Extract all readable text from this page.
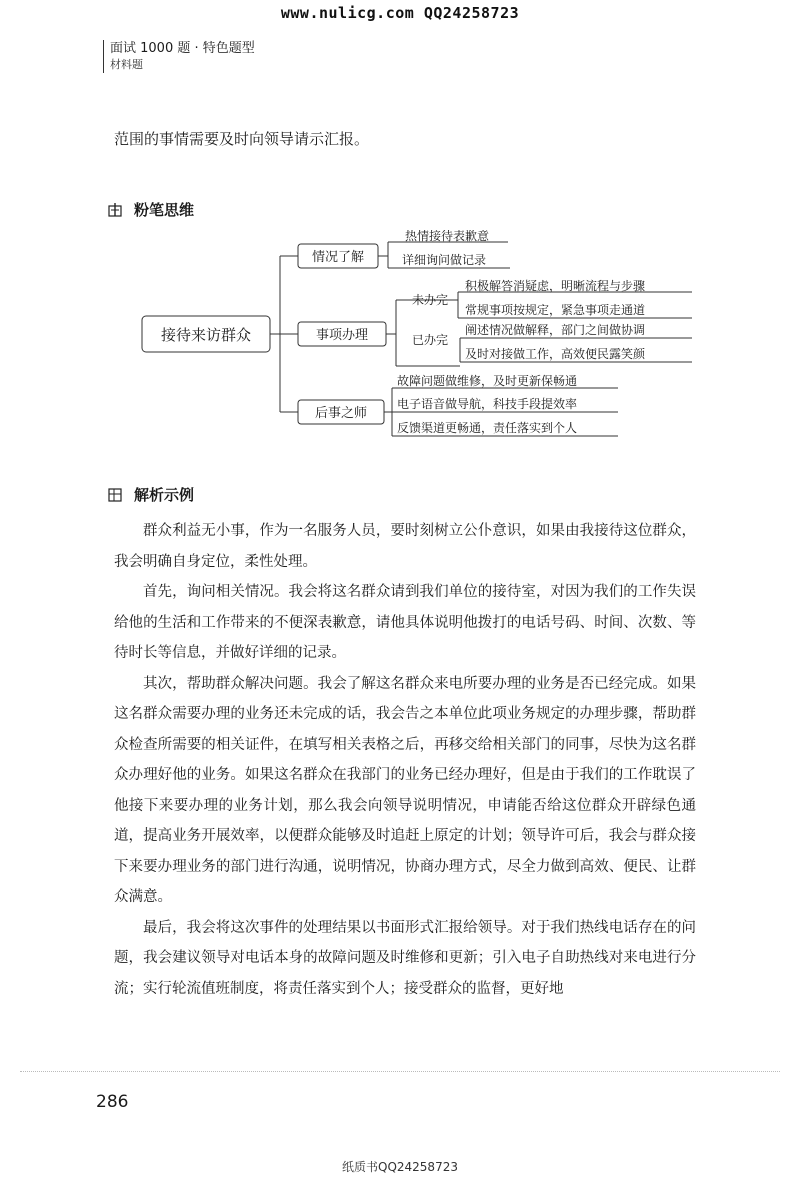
www.nulicg.com QQ24258723
面试 1000 题 · 特色题型
材料题
范围的事情需要及时向领导请示汇报。
粉笔思维
接待来访群众
情况了解
热情接待表歉意
详细询问做记录
事项办理
未办完
已办完
积极解答消疑虑，明晰流程与步骤
常规事项按规定，紧急事项走通道
阐述情况做解释，部门之间做协调
及时对接做工作，高效便民露笑颜
后事之师
故障问题做维修，及时更新保畅通
电子语音做导航，科技手段提效率
反馈渠道更畅通，责任落实到个人
解析示例

群众利益无小事，作为一名服务人员，要时刻树立公仆意识，如果由我接待这位群众，我会明确自身定位，柔性处理。

首先，询问相关情况。我会将这名群众请到我们单位的接待室，对因为我们的工作失误给他的生活和工作带来的不便深表歉意，请他具体说明他拨打的电话号码、时间、次数、等待时长等信息，并做好详细的记录。

其次，帮助群众解决问题。我会了解这名群众来电所要办理的业务是否已经完成。如果这名群众需要办理的业务还未完成的话，我会告之本单位此项业务规定的办理步骤，帮助群众检查所需要的相关证件，在填写相关表格之后，再移交给相关部门的同事，尽快为这名群众办理好他的业务。如果这名群众在我部门的业务已经办理好，但是由于我们的工作耽误了他接下来要办理的业务计划，那么我会向领导说明情况，申请能否给这位群众开辟绿色通道，提高业务开展效率，以便群众能够及时追赶上原定的计划；领导许可后，我会与群众接下来要办理业务的部门进行沟通，说明情况，协商办理方式，尽全力做到高效、便民、让群众满意。

最后，我会将这次事件的处理结果以书面形式汇报给领导。对于我们热线电话存在的问题，我会建议领导对电话本身的故障问题及时维修和更新；引入电子自助热线对来电进行分流；实行轮流值班制度，将责任落实到个人；接受群众的监督，更好地

286
纸质书QQ24258723
